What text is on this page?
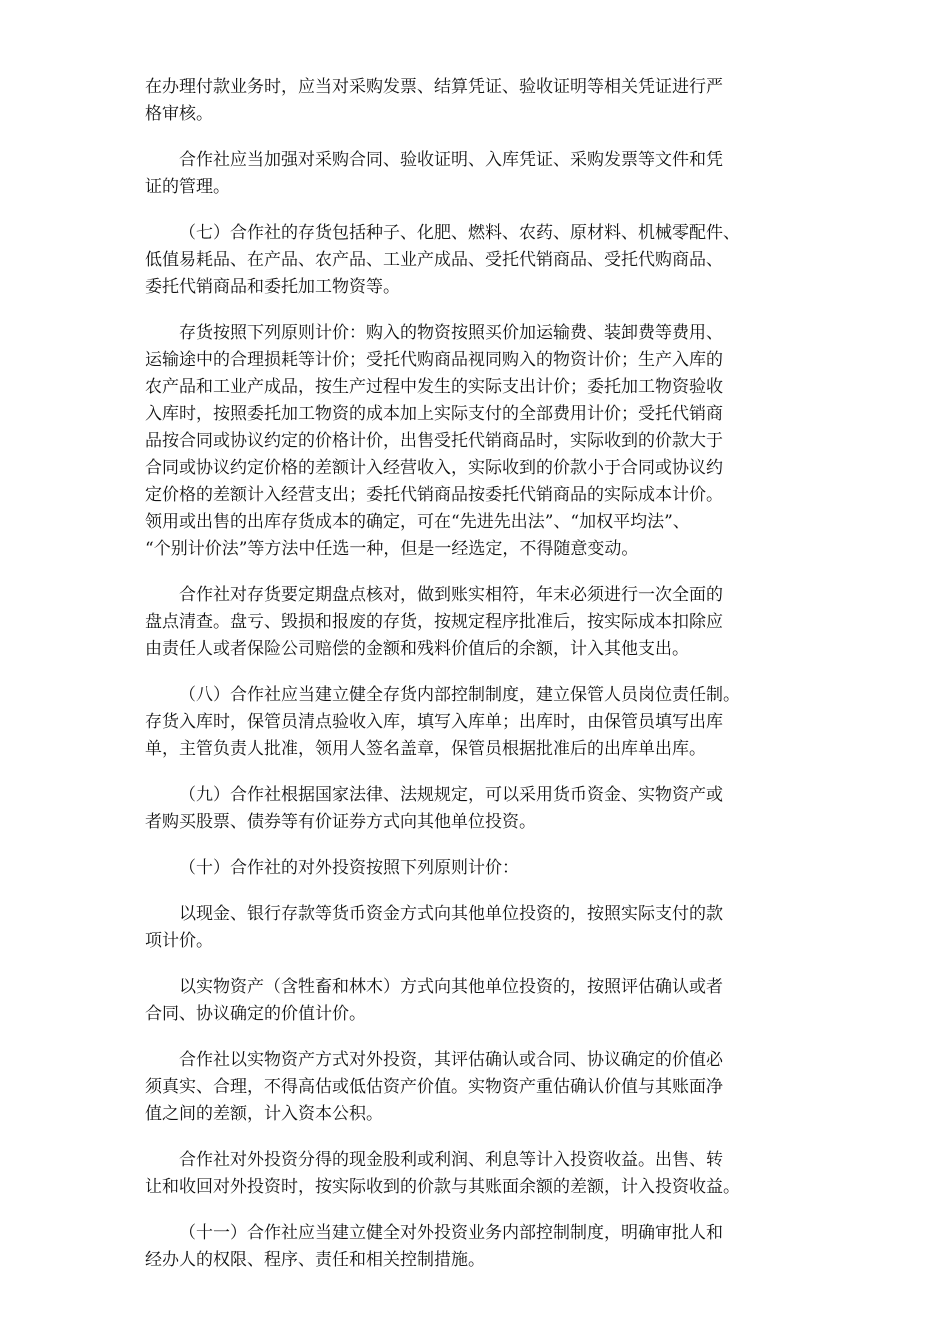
在办理付款业务时，应当对采购发票、结算凭证、验收证明等相关凭证进行严
格审核。

合作社应当加强对采购合同、验收证明、入库凭证、采购发票等文件和凭
证的管理。

（七）合作社的存货包括种子、化肥、燃料、农药、原材料、机械零配件、
低值易耗品、在产品、农产品、工业产成品、受托代销商品、受托代购商品、
委托代销商品和委托加工物资等。

存货按照下列原则计价：购入的物资按照买价加运输费、装卸费等费用、
运输途中的合理损耗等计价；受托代购商品视同购入的物资计价；生产入库的
农产品和工业产成品，按生产过程中发生的实际支出计价；委托加工物资验收
入库时，按照委托加工物资的成本加上实际支付的全部费用计价；受托代销商
品按合同或协议约定的价格计价，出售受托代销商品时，实际收到的价款大于
合同或协议约定价格的差额计入经营收入，实际收到的价款小于合同或协议约
定价格的差额计入经营支出；委托代销商品按委托代销商品的实际成本计价。
领用或出售的出库存货成本的确定，可在“先进先出法”、“加权平均法”、
“个别计价法”等方法中任选一种，但是一经选定，不得随意变动。

合作社对存货要定期盘点核对，做到账实相符，年末必须进行一次全面的
盘点清查。盘亏、毁损和报废的存货，按规定程序批准后，按实际成本扣除应
由责任人或者保险公司赔偿的金额和残料价值后的余额，计入其他支出。

（八）合作社应当建立健全存货内部控制制度，建立保管人员岗位责任制。
存货入库时，保管员清点验收入库，填写入库单；出库时，由保管员填写出库
单，主管负责人批准，领用人签名盖章，保管员根据批准后的出库单出库。

（九）合作社根据国家法律、法规规定，可以采用货币资金、实物资产或
者购买股票、债券等有价证券方式向其他单位投资。

（十）合作社的对外投资按照下列原则计价：

以现金、银行存款等货币资金方式向其他单位投资的，按照实际支付的款
项计价。

以实物资产（含牲畜和林木）方式向其他单位投资的，按照评估确认或者
合同、协议确定的价值计价。

合作社以实物资产方式对外投资，其评估确认或合同、协议确定的价值必
须真实、合理，不得高估或低估资产价值。实物资产重估确认价值与其账面净
值之间的差额，计入资本公积。

合作社对外投资分得的现金股利或利润、利息等计入投资收益。出售、转
让和收回对外投资时，按实际收到的价款与其账面余额的差额，计入投资收益。

（十一）合作社应当建立健全对外投资业务内部控制制度，明确审批人和
经办人的权限、程序、责任和相关控制措施。
